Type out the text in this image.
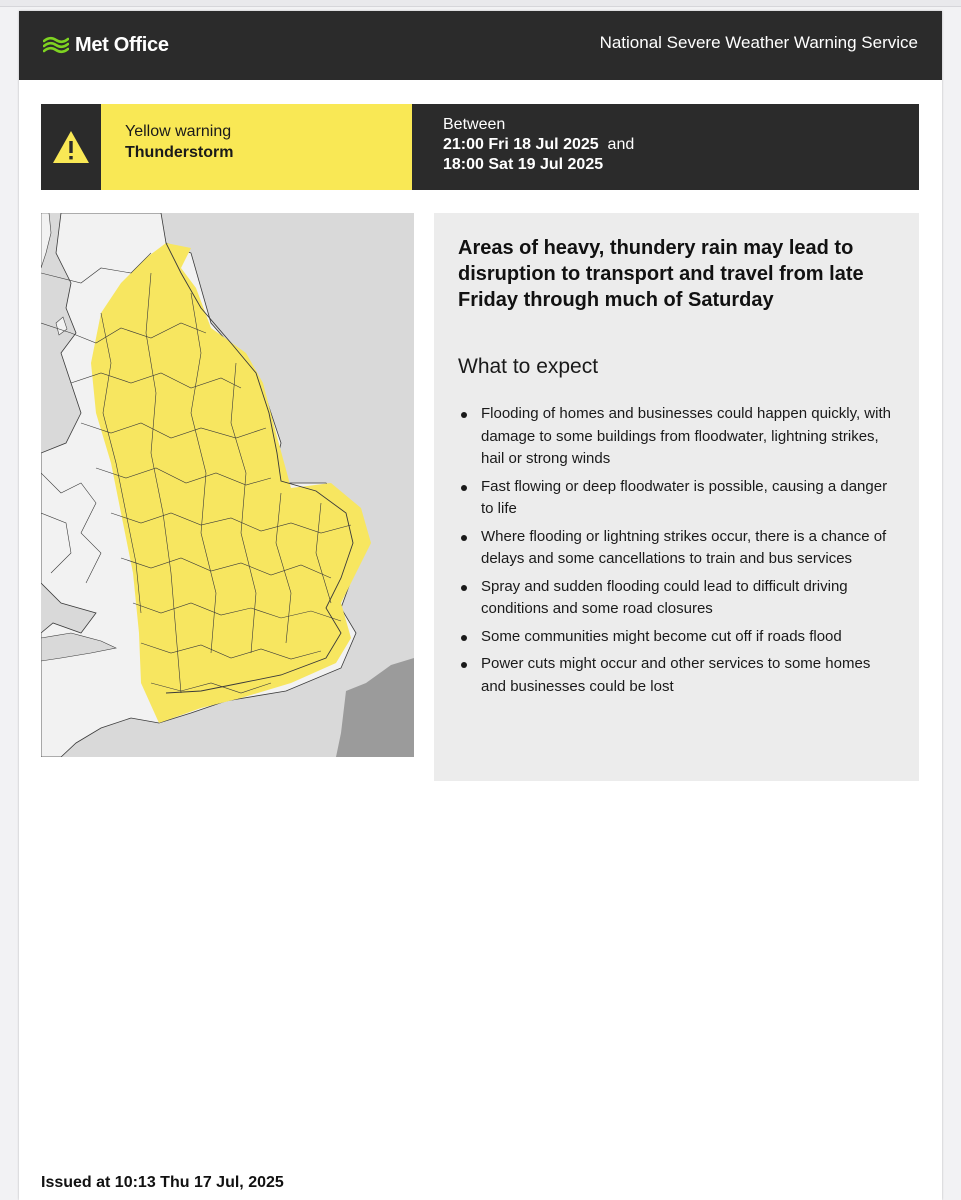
Met Office	National Severe Weather Warning Service
Yellow warning
Thunderstorm
Between
21:00 Fri 18 Jul 2025 and
18:00 Sat 19 Jul 2025
Areas of heavy, thundery rain may lead to disruption to transport and travel from late Friday through much of Saturday
What to expect
Flooding of homes and businesses could happen quickly, with damage to some buildings from floodwater, lightning strikes, hail or strong winds
Fast flowing or deep floodwater is possible, causing a danger to life
Where flooding or lightning strikes occur, there is a chance of delays and some cancellations to train and bus services
Spray and sudden flooding could lead to difficult driving conditions and some road closures
Some communities might become cut off if roads flood
Power cuts might occur and other services to some homes and businesses could be lost
Issued at 10:13 Thu 17 Jul, 2025
